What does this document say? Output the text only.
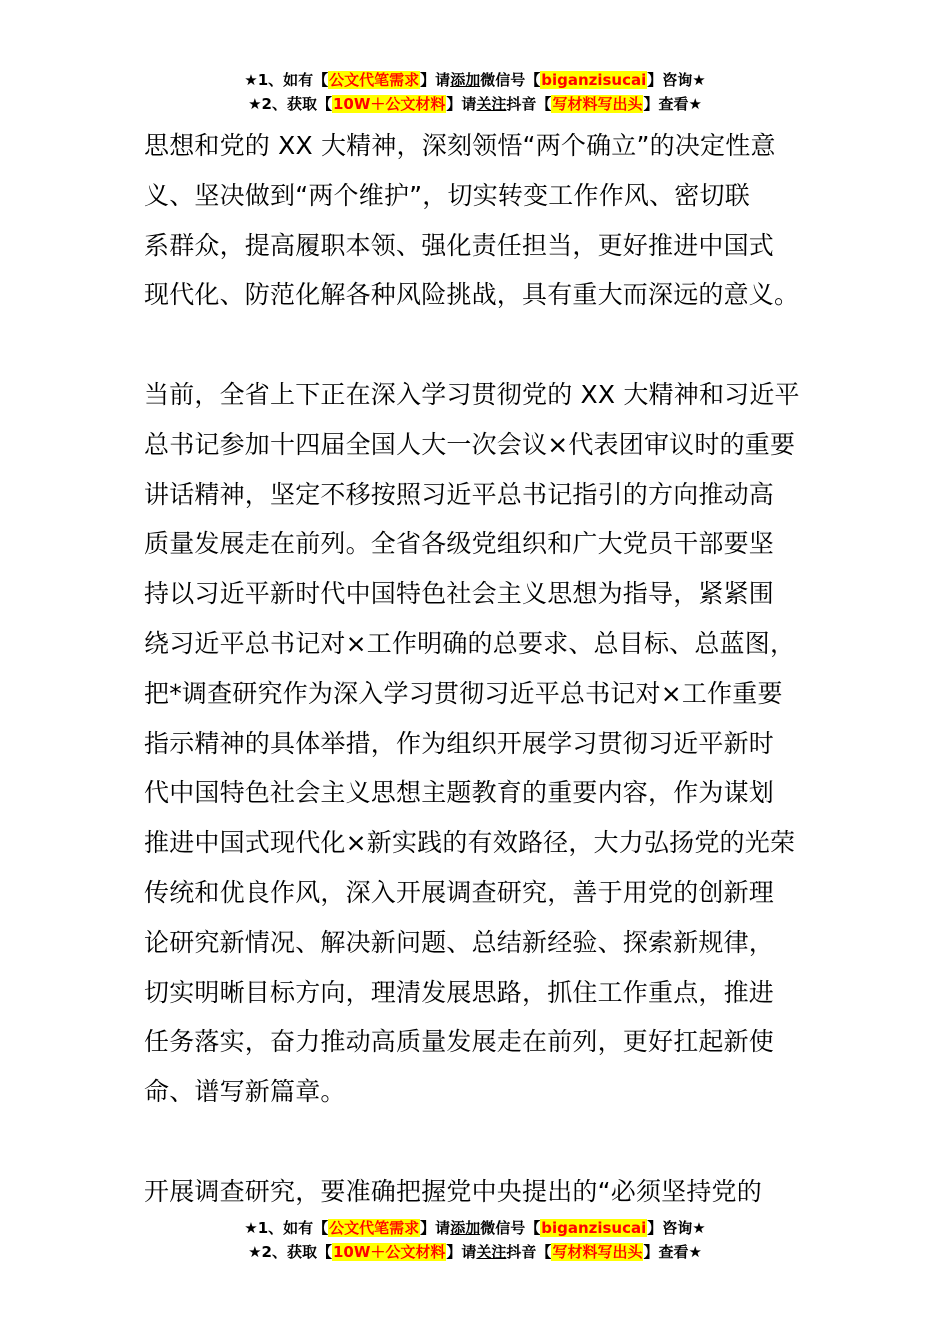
★1、如有【公文代笔需求】请添加微信号【biganzisucai】咨询★
★2、获取【10W＋公文材料】请关注抖音【写材料写出头】查看★
思想和党的 XX 大精神，深刻领悟“两个确立”的决定性意
义、坚决做到“两个维护”，切实转变工作作风、密切联
系群众，提高履职本领、强化责任担当，更好推进中国式
现代化、防范化解各种风险挑战，具有重大而深远的意义。
当前，全省上下正在深入学习贯彻党的 XX 大精神和习近平
总书记参加十四届全国人大一次会议×代表团审议时的重要
讲话精神，坚定不移按照习近平总书记指引的方向推动高
质量发展走在前列。全省各级党组织和广大党员干部要坚
持以习近平新时代中国特色社会主义思想为指导，紧紧围
绕习近平总书记对×工作明确的总要求、总目标、总蓝图，
把*调查研究作为深入学习贯彻习近平总书记对×工作重要
指示精神的具体举措，作为组织开展学习贯彻习近平新时
代中国特色社会主义思想主题教育的重要内容，作为谋划
推进中国式现代化×新实践的有效路径，大力弘扬党的光荣
传统和优良作风，深入开展调查研究，善于用党的创新理
论研究新情况、解决新问题、总结新经验、探索新规律，
切实明晰目标方向，理清发展思路，抓住工作重点，推进
任务落实，奋力推动高质量发展走在前列，更好扛起新使
命、谱写新篇章。
开展调查研究，要准确把握党中央提出的“必须坚持党的
★1、如有【公文代笔需求】请添加微信号【biganzisucai】咨询★
★2、获取【10W＋公文材料】请关注抖音【写材料写出头】查看★
